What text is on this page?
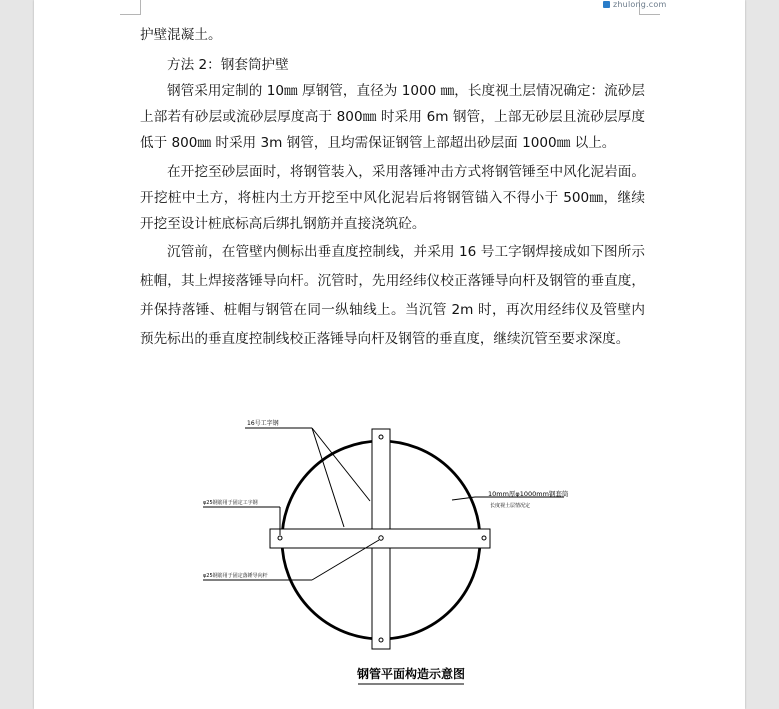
zhulong.com

护壁混凝土。

方法 2：钢套筒护壁

钢管采用定制的 10㎜ 厚钢管，直径为 1000 ㎜，长度视土层情况确定：流砂层上部若有砂层或流砂层厚度高于 800㎜ 时采用 6m 钢管，上部无砂层且流砂层厚度低于 800㎜ 时采用 3m 钢管，且均需保证钢管上部超出砂层面 1000㎜ 以上。

在开挖至砂层面时，将钢管装入，采用落锤冲击方式将钢管锤至中风化泥岩面。开挖桩中土方，将桩内土方开挖至中风化泥岩后将钢管锚入不得小于 500㎜，继续开挖至设计桩底标高后绑扎钢筋并直接浇筑砼。

沉管前，在管壁内侧标出垂直度控制线，并采用 16 号工字钢焊接成如下图所示桩帽，其上焊接落锤导向杆。沉管时，先用经纬仪校正落锤导向杆及钢管的垂直度，并保持落锤、桩帽与钢管在同一纵轴线上。当沉管 2m 时，再次用经纬仪及管壁内预先标出的垂直度控制线校正落锤导向杆及钢管的垂直度，继续沉管至要求深度。

16号工字钢
10mm厚φ1000mm钢套筒
长度视土层情况定
φ25钢筋用于固定工字钢
φ25钢筋用于固定落锤导向杆
钢管平面构造示意图
